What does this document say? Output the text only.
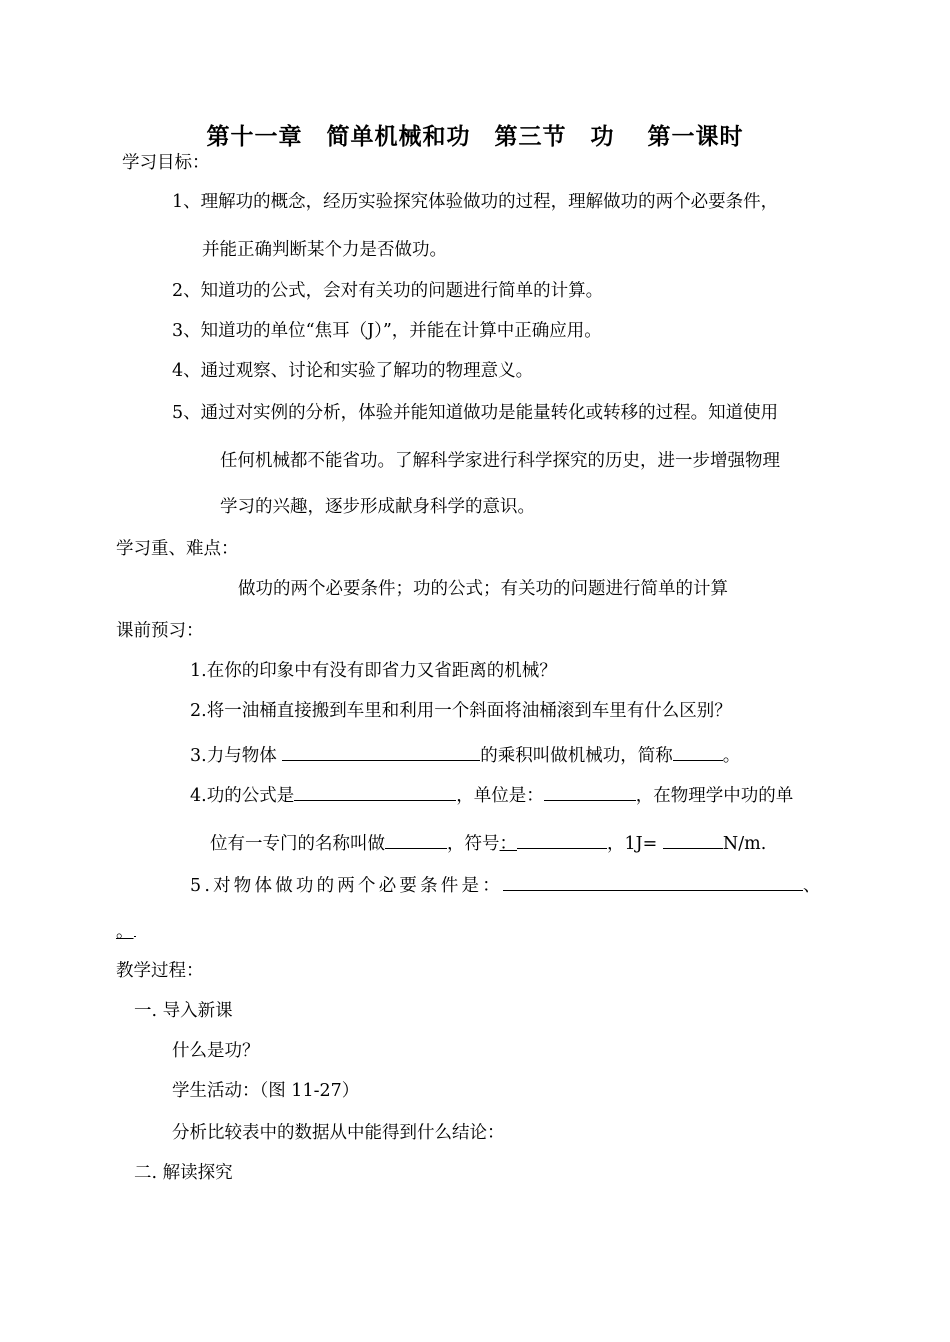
第十一章　简单机械和功　第三节　功　 第一课时
学习目标：
1、理解功的概念，经历实验探究体验做功的过程，理解做功的两个必要条件，
并能正确判断某个力是否做功。
2、知道功的公式，会对有关功的问题进行简单的计算。
3、知道功的单位“焦耳（J）”，并能在计算中正确应用。
4、通过观察、讨论和实验了解功的物理意义。
5、通过对实例的分析，体验并能知道做功是能量转化或转移的过程。知道使用
任何机械都不能省功。了解科学家进行科学探究的历史，进一步增强物理
学习的兴趣，逐步形成献身科学的意识。
学习重、难点：
做功的两个必要条件；功的公式；有关功的问题进行简单的计算
课前预习：
1.在你的印象中有没有即省力又省距离的机械？
2.将一油桶直接搬到车里和利用一个斜面将油桶滚到车里有什么区别？
3.力与物体	的乘积叫做机械功，简称	。
4.功的公式是	，单位是：	，在物理学中功的单
位有一专门的名称叫做	，符号：	，1J=	N/m.
5.对物体做功的两个必要条件是：	、
。
教学过程：
一. 导入新课
什么是功？
学生活动：（图 11-27）
分析比较表中的数据从中能得到什么结论：
二. 解读探究
